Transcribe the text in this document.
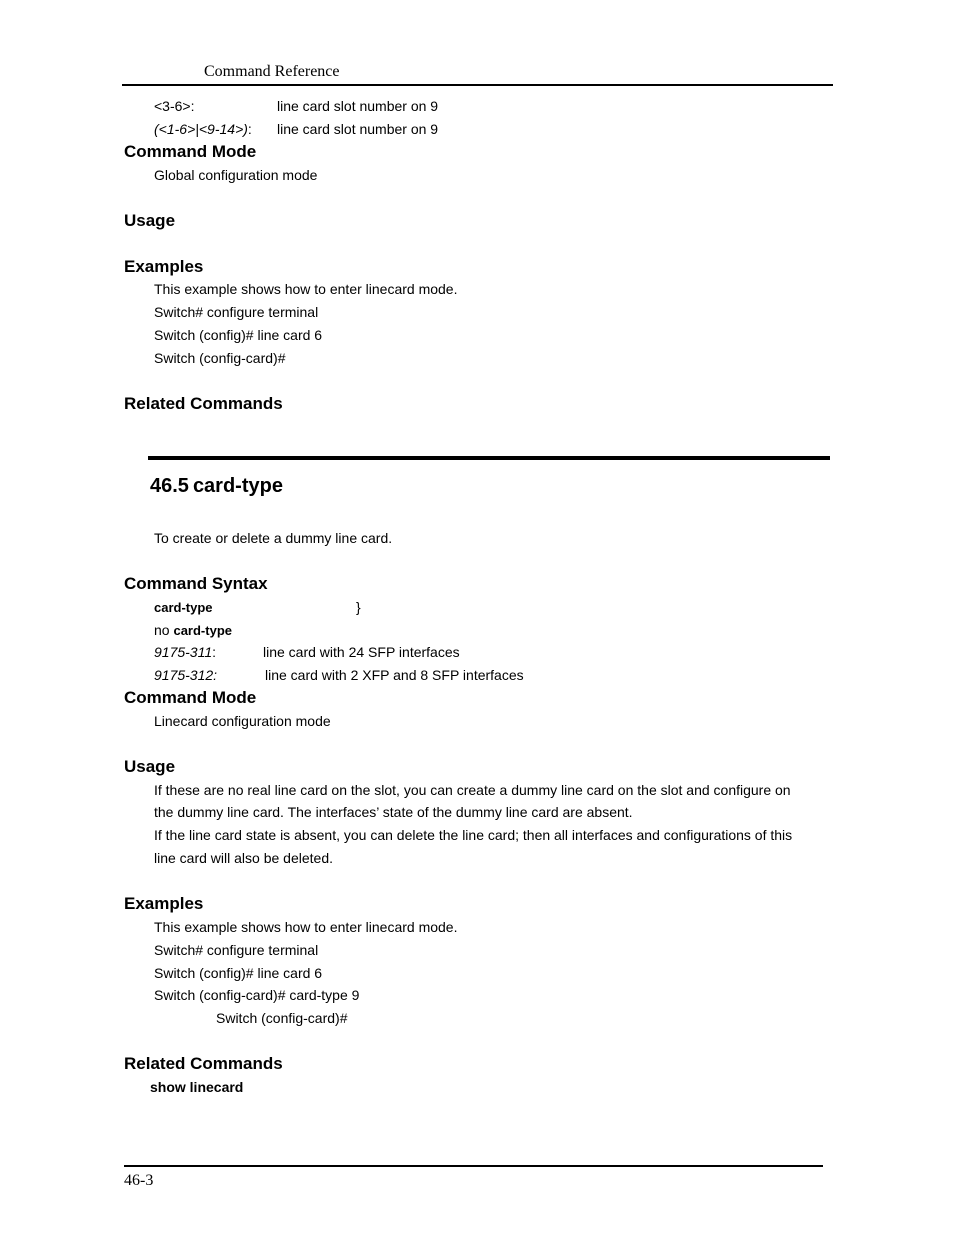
Command Reference
<3-6>:	line card slot number on 9
(<1-6>|<9-14>): line card slot number on 9
Command Mode
Global configuration mode
Usage
Examples
This example shows how to enter linecard mode.
Switch# configure terminal
Switch (config)# line card 6
Switch (config-card)#
Related Commands
46.5 card-type
To create or delete a dummy line card.
Command Syntax
card-type	}
no card-type
9175-311:	line card with 24 SFP interfaces
9175-312:	line card with 2 XFP and 8 SFP interfaces
Command Mode
Linecard configuration mode
Usage
If these are no real line card on the slot, you can create a dummy line card on the slot and configure on
the dummy line card. The interfaces’ state of the dummy line card are absent.
If the line card state is absent, you can delete the line card; then all interfaces and configurations of this
line card will also be deleted.
Examples
This example shows how to enter linecard mode.
Switch# configure terminal
Switch (config)# line card 6
Switch (config-card)# card-type 9
Switch (config-card)#
Related Commands
show linecard
46-3
